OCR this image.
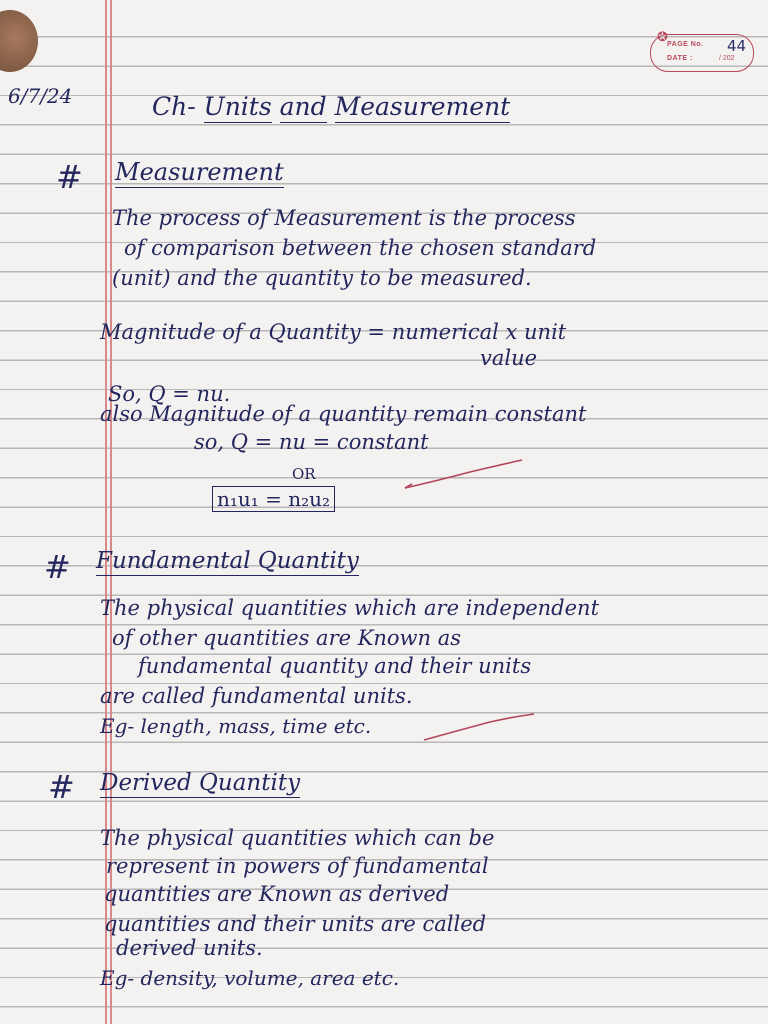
✪
PAGE No. 44
DATE :	/ 202
6/7/24	Ch- Units and Measurement
# Measurement
The process of Measurement is the process
of comparison between the chosen standard
(unit) and the quantity to be measured.
Magnitude of a Quantity = numerical x unit
value
So, Q = nu.
also Magnitude of a quantity remain constant
so, Q = nu = constant
OR
n₁u₁ = n₂u₂
# Fundamental Quantity
The physical quantities which are independent
of other quantities are Known as
fundamental quantity and their units
are called fundamental units.
Eg- length, mass, time etc.
# Derived Quantity
The physical quantities which can be
represent in powers of fundamental
quantities are Known as derived
quantities and their units are called
derived units.
Eg- density, volume, area etc.
